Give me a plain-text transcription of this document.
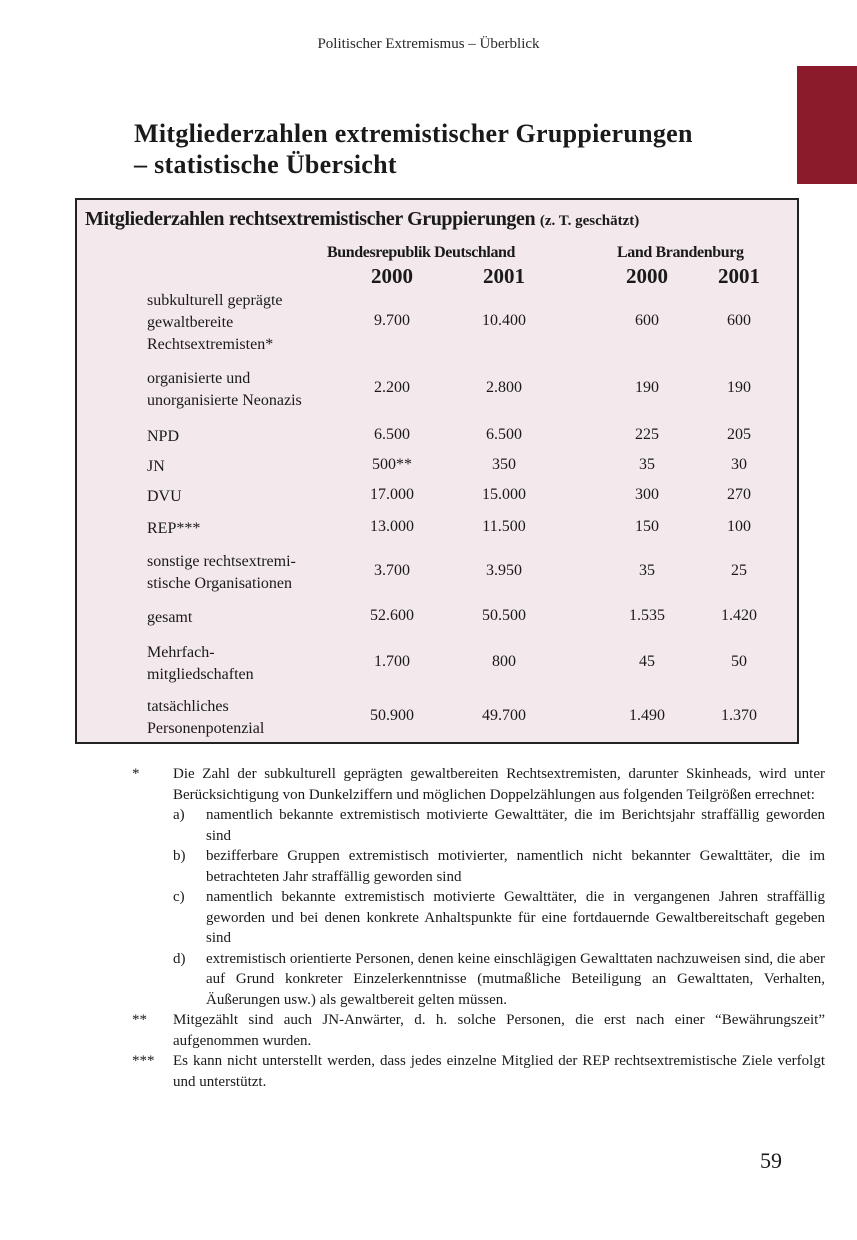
Politischer Extremismus – Überblick
Mitgliederzahlen extremistischer Gruppierungen
– statistische Übersicht
Mitgliederzahlen rechtsextremistischer Gruppierungen (z. T. geschätzt)
Bundesrepublik Deutschland	Land Brandenburg
2000	2001	2000	2001
subkulturell geprägte
gewaltbereite
Rechtsextremisten*
9.700	10.400	600	600
organisierte und
unorganisierte Neonazis
2.200	2.800	190	190
NPD	6.500	6.500	225	205
JN	500**	350	35	30
DVU	17.000	15.000	300	270
REP***	13.000	11.500	150	100
sonstige rechtsextremi-
stische Organisationen
3.700	3.950	35	25
gesamt	52.600	50.500	1.535	1.420
Mehrfach-
mitgliedschaften
1.700	800	45	50
tatsächliches
Personenpotenzial
50.900	49.700	1.490	1.370
* Die Zahl der subkulturell geprägten gewaltbereiten Rechtsextremisten, darunter Skinheads, wird unter Berücksichtigung von Dunkelziffern und möglichen Doppelzählungen aus folgenden Teilgrößen errechnet:
a) namentlich bekannte extremistisch motivierte Gewalttäter, die im Berichtsjahr straffällig geworden sind
b) bezifferbare Gruppen extremistisch motivierter, namentlich nicht bekannter Gewalttäter, die im betrachteten Jahr straffällig geworden sind
c) namentlich bekannte extremistisch motivierte Gewalttäter, die in vergangenen Jahren straffällig geworden und bei denen konkrete Anhaltspunkte für eine fortdauernde Gewaltbereitschaft gegeben sind
d) extremistisch orientierte Personen, denen keine einschlägigen Gewalttaten nachzuweisen sind, die aber auf Grund konkreter Einzelerkenntnisse (mutmaßliche Beteiligung an Gewalttaten, Verhalten, Äußerungen usw.) als gewaltbereit gelten müssen.
** Mitgezählt sind auch JN-Anwärter, d. h. solche Personen, die erst nach einer “Bewährungszeit” aufgenommen wurden.
*** Es kann nicht unterstellt werden, dass jedes einzelne Mitglied der REP rechtsextremistische Ziele verfolgt und unterstützt.
59
